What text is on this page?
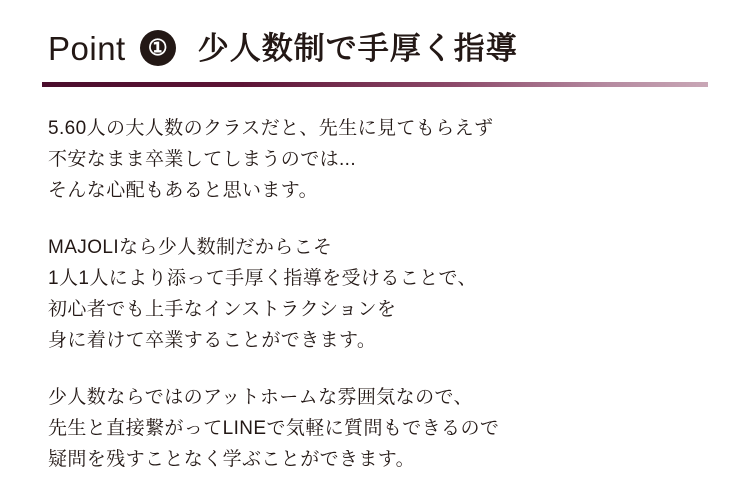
Point	① 少人数制で手厚く指導
5.60人の大人数のクラスだと、先生に見てもらえず
不安なまま卒業してしまうのでは...
そんな心配もあると思います。
MAJOLIなら少人数制だからこそ
1人1人により添って手厚く指導を受けることで、
初心者でも上手なインストラクションを
身に着けて卒業することができます。
少人数ならではのアットホームな雰囲気なので、
先生と直接繋がってLINEで気軽に質問もできるので
疑問を残すことなく学ぶことができます。
